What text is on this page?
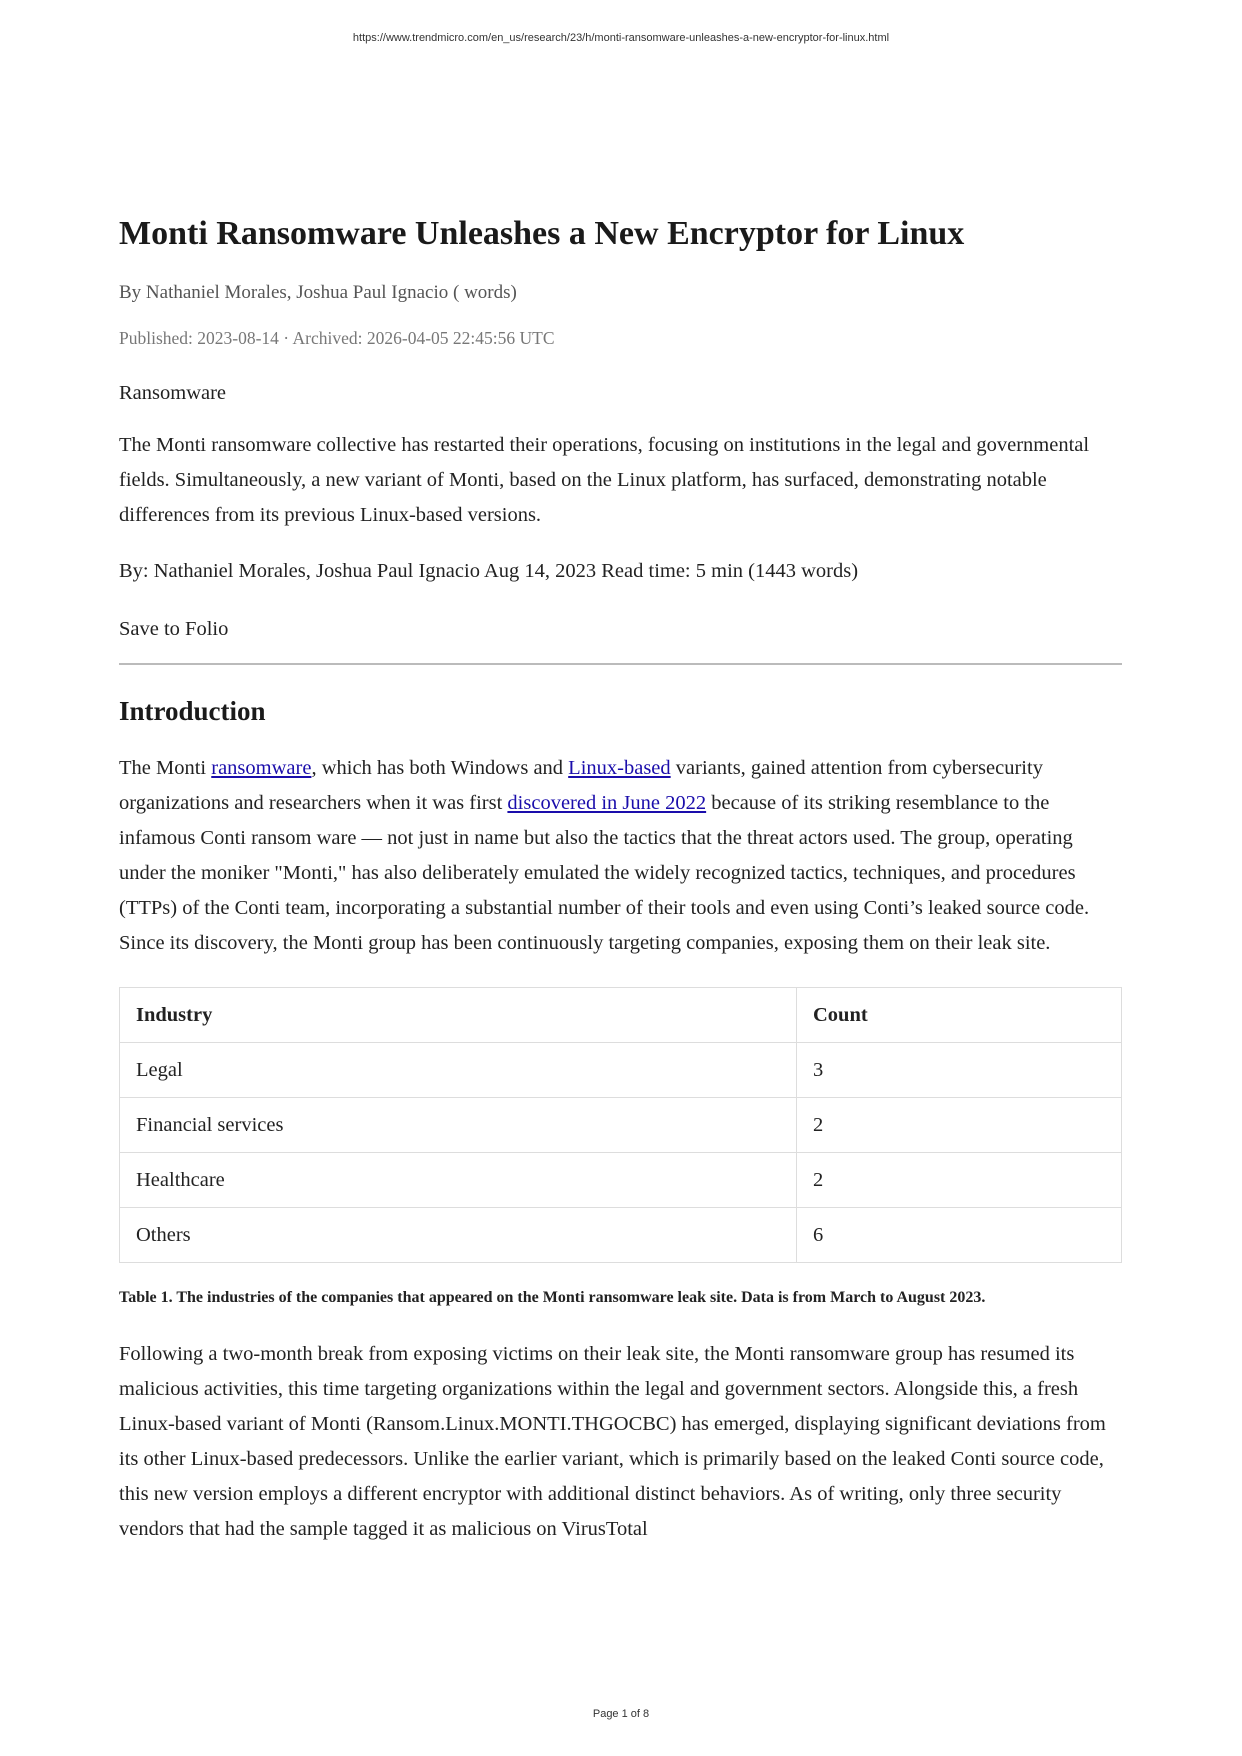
https://www.trendmicro.com/en_us/research/23/h/monti-ransomware-unleashes-a-new-encryptor-for-linux.html
Monti Ransomware Unleashes a New Encryptor for Linux
By Nathaniel Morales, Joshua Paul Ignacio ( words)
Published: 2023-08-14 · Archived: 2026-04-05 22:45:56 UTC

Ransomware

The Monti ransomware collective has restarted their operations, focusing on institutions in the legal and governmental fields. Simultaneously, a new variant of Monti, based on the Linux platform, has surfaced, demonstrating notable differences from its previous Linux-based versions.

By: Nathaniel Morales, Joshua Paul Ignacio Aug 14, 2023 Read time: 5 min (1443 words)

Save to Folio

Introduction

The Monti ransomware, which has both Windows and Linux-based variants, gained attention from cybersecurity organizations and researchers when it was first discovered in June 2022 because of its striking resemblance to the infamous Conti ransom ware — not just in name but also the tactics that the threat actors used. The group, operating under the moniker "Monti," has also deliberately emulated the widely recognized tactics, techniques, and procedures (TTPs) of the Conti team, incorporating a substantial number of their tools and even using Conti’s leaked source code. Since its discovery, the Monti group has been continuously targeting companies, exposing them on their leak site.

Industry	Count
Legal	3
Financial services	2
Healthcare	2
Others	6
Table 1. The industries of the companies that appeared on the Monti ransomware leak site. Data is from March to August 2023.

Following a two-month break from exposing victims on their leak site, the Monti ransomware group has resumed its malicious activities, this time targeting organizations within the legal and government sectors. Alongside this, a fresh Linux-based variant of Monti (Ransom.Linux.MONTI.THGOCBC) has emerged, displaying significant deviations from its other Linux-based predecessors. Unlike the earlier variant, which is primarily based on the leaked Conti source code, this new version employs a different encryptor with additional distinct behaviors. As of writing, only three security vendors that had the sample tagged it as malicious on VirusTotal

Page 1 of 8
